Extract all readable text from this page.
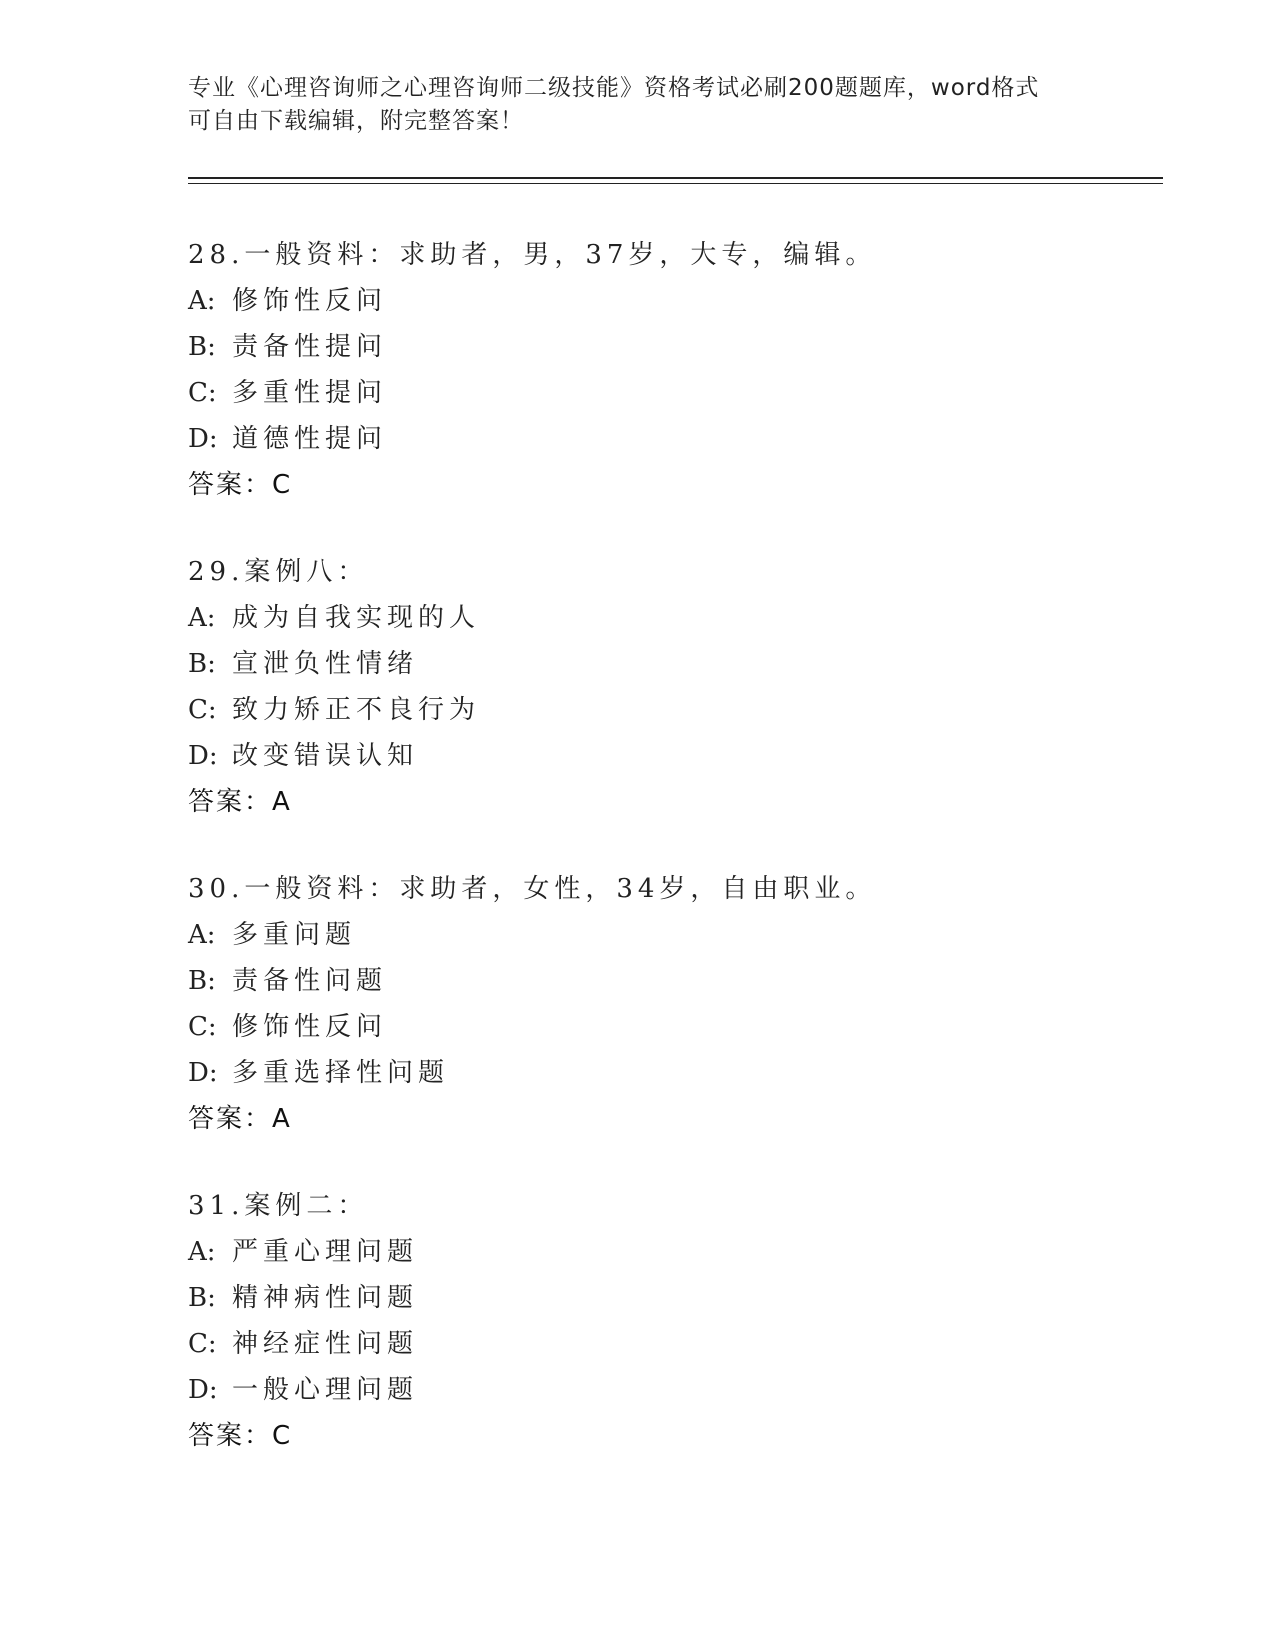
专业《心理咨询师之心理咨询师二级技能》资格考试必刷200题题库，word格式
可自由下载编辑，附完整答案！
28.一般资料：求助者，男，37岁，大专，编辑。
A: 修饰性反问
B: 责备性提问
C: 多重性提问
D: 道德性提问
答案：C
29.案例八：
A: 成为自我实现的人
B: 宣泄负性情绪
C: 致力矫正不良行为
D: 改变错误认知
答案：A
30.一般资料：求助者，女性，34岁，自由职业。
A: 多重问题
B: 责备性问题
C: 修饰性反问
D: 多重选择性问题
答案：A
31.案例二：
A: 严重心理问题
B: 精神病性问题
C: 神经症性问题
D: 一般心理问题
答案：C
